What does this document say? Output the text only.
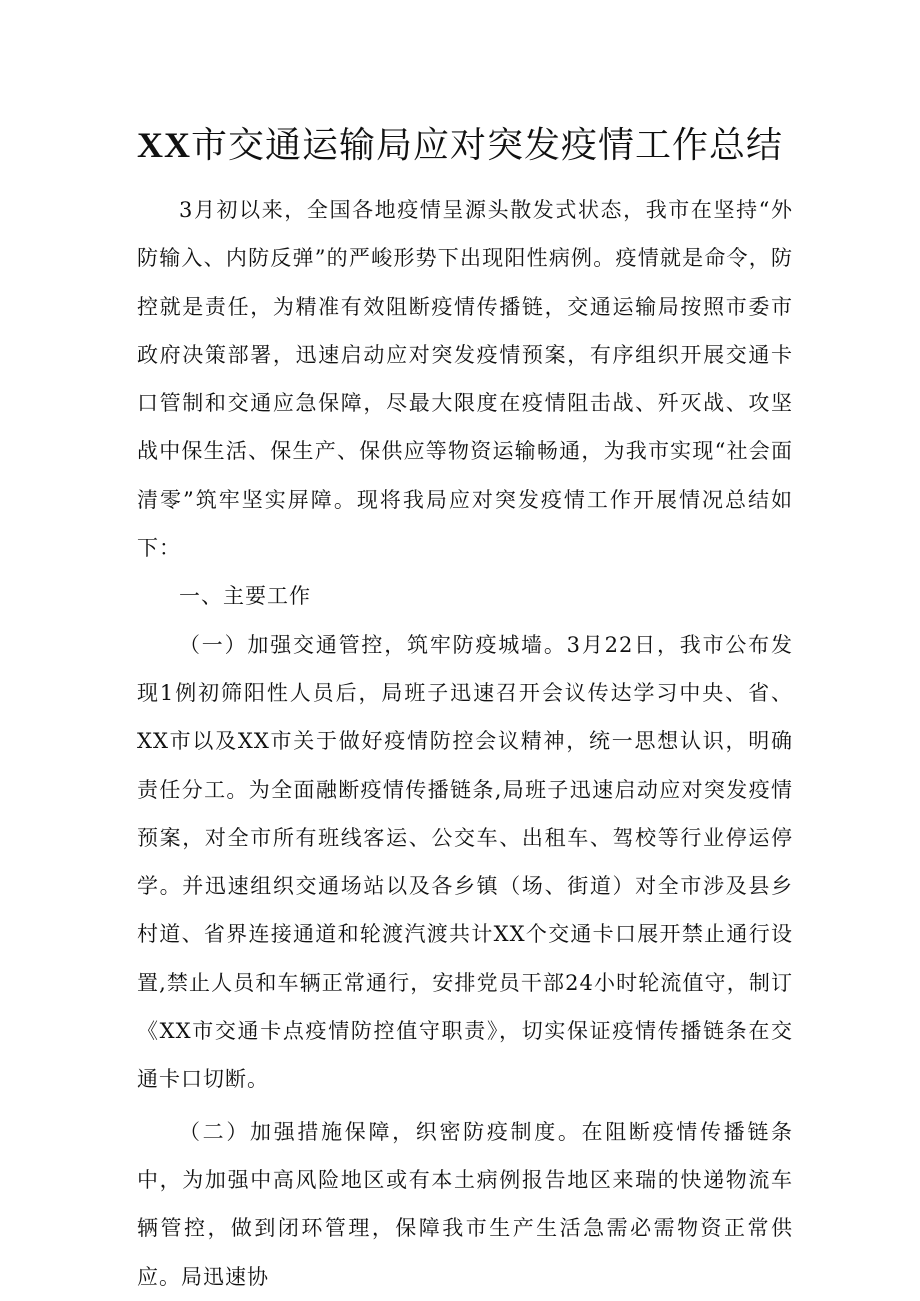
XX市交通运输局应对突发疫情工作总结

3月初以来，全国各地疫情呈源头散发式状态，我市在坚持“外防输入、内防反弹”的严峻形势下出现阳性病例。疫情就是命令，防控就是责任，为精准有效阻断疫情传播链，交通运输局按照市委市政府决策部署，迅速启动应对突发疫情预案，有序组织开展交通卡口管制和交通应急保障，尽最大限度在疫情阻击战、歼灭战、攻坚战中保生活、保生产、保供应等物资运输畅通，为我市实现“社会面清零”筑牢坚实屏障。现将我局应对突发疫情工作开展情况总结如下：

一、主要工作

（一）加强交通管控，筑牢防疫城墙。3月22日，我市公布发现1例初筛阳性人员后，局班子迅速召开会议传达学习中央、省、XX市以及XX市关于做好疫情防控会议精神，统一思想认识，明确责任分工。为全面融断疫情传播链条,局班子迅速启动应对突发疫情预案，对全市所有班线客运、公交车、出租车、驾校等行业停运停学。并迅速组织交通场站以及各乡镇（场、街道）对全市涉及县乡村道、省界连接通道和轮渡汽渡共计XX个交通卡口展开禁止通行设置,禁止人员和车辆正常通行，安排党员干部24小时轮流值守，制订《XX市交通卡点疫情防控值守职责》，切实保证疫情传播链条在交通卡口切断。

（二）加强措施保障，织密防疫制度。在阻断疫情传播链条中，为加强中高风险地区或有本土病例报告地区来瑞的快递物流车辆管控，做到闭环管理，保障我市生产生活急需必需物资正常供应。局迅速协
